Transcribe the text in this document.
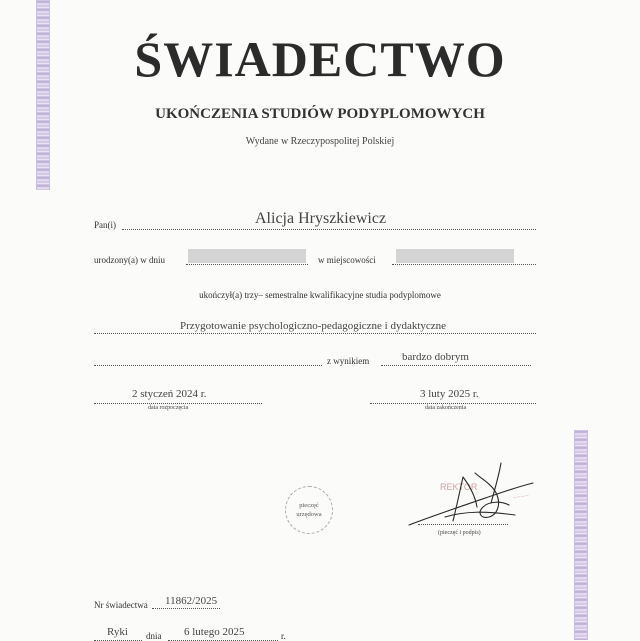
ŚWIADECTWO
UKOŃCZENIA STUDIÓW PODYPLOMOWYCH
Wydane w Rzeczypospolitej Polskiej
Pan(i)	Alicja Hryszkiewicz
urodzony(a) w dniu	w miejscowości
ukończył(a) trzy– semestralne kwalifikacyjne studia podyplomowe
Przygotowanie psychologiczno-pedagogiczne i dydaktyczne
z wynikiem	bardzo dobrym
2 styczeń 2024 r.
data rozpoczęcia
3 luty 2025 r.
data zakończenia
pieczęć
urzędowa
REKTOR
~~~~
(pieczęć i podpis)
Nr świadectwa 11862/2025
Ryki dnia 6 lutego 2025	r.
